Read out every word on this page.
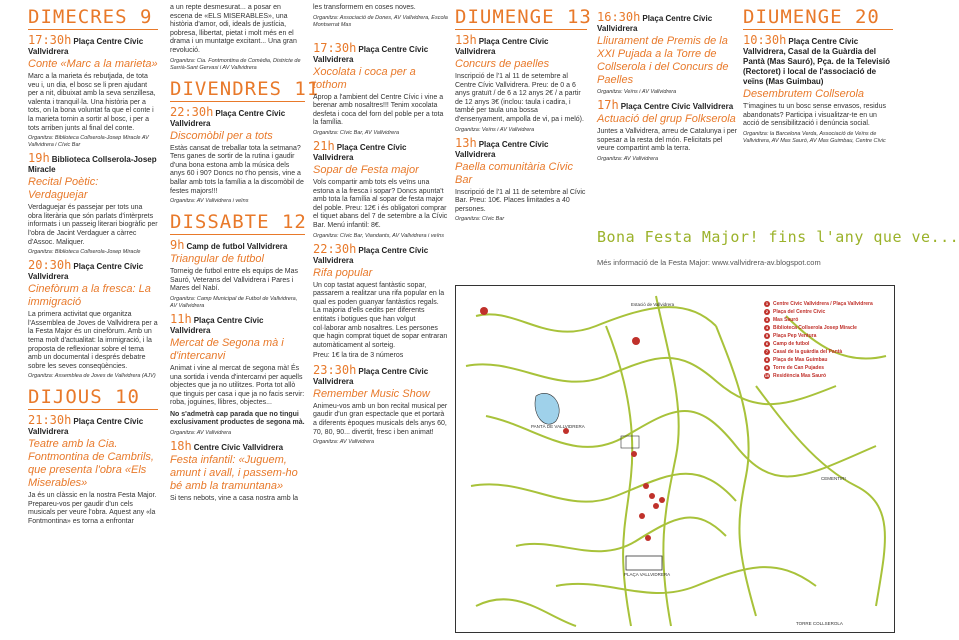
DIMECRES 9
17:30h Plaça Centre Cívic Vallvidrera
Conte «Marc a la marieta»
Marc a la marieta és rebutjada, de tota veu i, un dia, el bosc se li pren ajudant per a nit, dibuixat amb la seva senzillesa, valenta i tranquil·la. Una història per a tots, on la bona voluntat fa que el conte i la marieta tornin a sortir al bosc, i per a tots arriben junts al final del conte.
Organitza: Biblioteca Collserola-Josep Miracle AV Vallvidrera i Cívic Bar
19h Biblioteca Collserola-Josep Miracle
Recital Poètic: Verdaguejar
Verdaguejar és passejar per tots una obra literària que són parlats d'intèrprets informats i un passeig literari biogràfic per l'obra de Jacint Verdaguer a càrrec d'Assoc. Maliquer.
Organitza: Biblioteca Collserola-Josep Miracle
20:30h Plaça Centre Cívic Vallvidrera
Cinefòrum a la fresca: La immigració
La primera activitat que organitza l'Assemblea de Joves de Vallvidrera per a la Festa Major és un cinefòrum. Amb un tema molt d'actualitat: la immigració, i la proposta de reflexionar sobre el tema amb un documental i després debatre sobre les seves conseqüències.
Organitza: Assemblea de Joves de Vallvidrera (AJV)
DIJOUS 10
21:30h Plaça Centre Cívic Vallvidrera
Teatre amb la Cia. Fontmontina de Cambrils, que presenta l'obra «Els Miserables»
Ja és un clàssic en la nostra Festa Major. Prepareu-vos per gaudir d'un cels musicals per veure l'obra. Aquest any «la Fontmontina» es torna a enfrontar
a un repte desmesurat... a posar en escena de «ELS MISERABLES», una història d'amor, odi, ideals de justícia, pobresa, llibertat, pietat i molt més en el drama i un muntatge excitant... Una gran revolució.
Organitza: Cia. Fontmontina de Comèdia, Districte de Sarrià-Sant Gervasi i AV Vallvidrera
DIVENDRES 11
22:30h Plaça Centre Cívic Vallvidrera
Discomòbil per a tots
Estàs cansat de treballar tota la setmana? Tens ganes de sortir de la rutina i gaudir d'una bona estona amb la música dels anys 60 i 90? Doncs no t'ho pensis, vine a ballar amb tots la família a la discomòbil de festes majors!!!
Organitza: AV Vallvidrera i veïns
DISSABTE 12
9h Camp de futbol Vallvidrera
Triangular de futbol
Torneig de futbol entre els equips de Mas Sauró, Veterans del Vallvidrera i Pares i Mares del Nabí.
Organitza: Camp Municipal de Futbol de Vallvidrera, AV Vallvidrera
11h Plaça Centre Cívic Vallvidrera
Mercat de Segona mà i d'intercanvi
Animat i vine al mercat de segona mà! És una sortida i venda d'intercanvi per aquells objectes que ja no utilitzes. Porta tot allò que tinguis per casa i que ja no facis servir: roba, joguines, llibres, objectes...
No s'admetrà cap parada que no tingui exclusivament productes de segona mà.
Organitza: AV Vallvidrera
18h Centre Cívic Vallvidrera
Festa infantil: «Juguem, amunt i avall, i passem-ho bé amb la tramuntana»
Si tens nebots, vine a casa nostra amb la
les transformem en coses noves.
Organitza: Associació de Dones, AV Vallvidrera, Escola Montserrat Mas
17:30h Plaça Centre Cívic Vallvidrera
Xocolata i coca per a tothom
Aprop a l'ambient del Centre Cívic i vine a berenar amb nosaltres!!! Tenim xocolata desfeta i coca del forn del poble per a tota la família.
Organitza: Cívic Bar, AV Vallvidrera
21h Plaça Centre Cívic Vallvidrera
Sopar de Festa major
Vols compartir amb tots els veïns una estona a la fresca i sopar? Doncs apunta't amb tota la família al sopar de festa major del poble. Preu: 12€ i és obligatori comprar el tiquet abans del 7 de setembre a la Cívic Bar. Menú infantil: 8€.
Organitza: Cívic Bar, Viandants, AV Vallvidrera i veïns
22:30h Plaça Centre Cívic Vallvidrera
Rifa popular
Un cop tastat aquest fantàstic sopar, passarem a realitzar una rifa popular en la qual es poden guanyar fantàstics regals. La majoria d'ells cedits per diferents entitats i botigues que han volgut col·laborar amb nosaltres. Les persones que hagin comprat tiquet de sopar entraran automàticament al sorteig.
Preu: 1€ la tira de 3 números
23:30h Plaça Centre Cívic Vallvidrera
Remember Music Show
Animeu-vos amb un bon recital musical per gaudir d'un gran espectacle que et portarà a diferents èpoques musicals dels anys 60, 70, 80, 90... divertit, fresc i ben animat!
Organitza: AV Vallvidrera
DIUMENGE 13
13h Plaça Centre Cívic Vallvidrera
Concurs de paelles
Inscripció de l'1 al 11 de setembre al Centre Cívic Vallvidrera. Preu: de 0 a 6 anys gratuït / de 6 a 12 anys 2€ / a partir de 12 anys 3€ (inclou: taula i cadira, i també per taula una bossa d'ensenyament, ampolla de vi, pa i meló).
Organitza: Veïns i AV Vallvidrera
13h Plaça Centre Cívic Vallvidrera
Paella comunitària Cívic Bar
Inscripció de l'1 al 11 de setembre al Cívic Bar. Preu: 10€. Places limitades a 40 persones.
Organitza: Cívic Bar
16:30h Plaça Centre Cívic Vallvidrera
Lliurament de Premis de la XXI Pujada a la Torre de Collserola i del Concurs de Paelles
Organitza: Veïns i AV Vallvidrera
17h Plaça Centre Cívic Vallvidrera
Actuació del grup Folkserola
Juntes a Vallvidrera, arreu de Catalunya i per sopesar a la resta del món. Felicitats pel veure compartint amb la terra.
Organitza: AV Vallvidrera
DIUMENGE 20
10:30h Plaça Centre Cívic Vallvidrera, Casal de la Guàrdia del Pantà (Mas Sauró), Pça. de la Televisió (Rectoret) i local de l'associació de veïns (Mas Guimbau)
Desembrutem Collserola
T'imagines tu un bosc sense envasos, residus abandonats? Participa i visualitzar-te en un acció de sensibilització i denúncia social.
Organitza: la Barcelona Verda, Associació de Veïns de Vallvidrera, AV Mas Sauró, AV Mas Guimbau, Centre Cívic
Bona Festa Major! fins l'any que ve...
Més informació de la Festa Major: www.vallvidrera-av.blogspot.com
Estació de Vallvidrera
PANTÀ DE VALLVIDRERA
PLAÇA VALLVIDRERA
TORRE COLLSEROLA
CEMENTIRI
1 Centre Cívic Vallvidrera / Plaça Vallvidrera
2 Plaça del Centre Cívic
3 Mas Sauró
4 Biblioteca Collserola Josep Miracle
5 Plaça Pep Ventura
6 Camp de futbol
7 Casal de la guàrdia del Pantà
8 Plaça de Mas Guimbau
9 Torre de Can Pujades
10 Residència Mas Sauró
